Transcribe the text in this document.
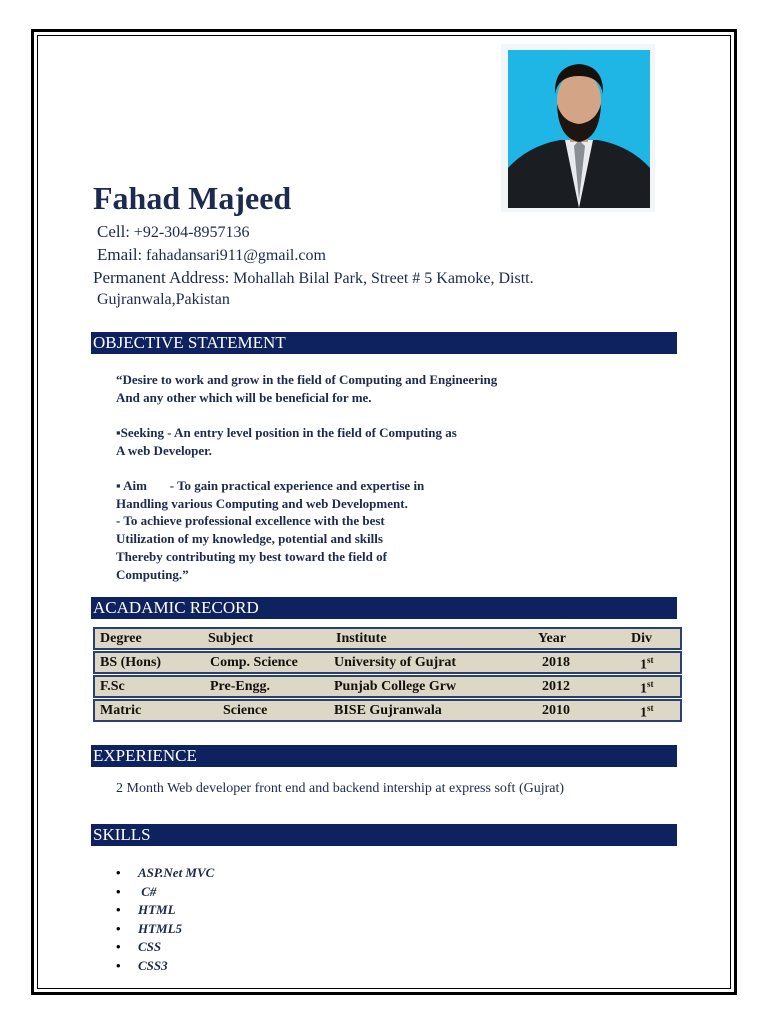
Fahad Majeed
Cell: +92-304-8957136
Email: fahadansari911@gmail.com
Permanent Address: Mohallah Bilal Park, Street # 5 Kamoke, Distt.
Gujranwala,Pakistan
OBJECTIVE STATEMENT
“Desire to work and grow in the field of Computing and Engineering
And any other which will be beneficial for me.
▪Seeking - An entry level position in the field of Computing as
A web Developer.
▪ Aim       - To gain practical experience and expertise in
Handling various Computing and web Development.
- To achieve professional excellence with the best
Utilization of my knowledge, potential and skills
Thereby contributing my best toward the field of
Computing.”
ACADAMIC RECORD
Degree	Subject	Institute	Year	Div
BS (Hons)	Comp. Science	University of Gujrat	2018	1st
F.Sc	Pre-Engg.	Punjab College Grw	2012	1st
Matric	Science	BISE Gujranwala	2010	1st
EXPERIENCE
2 Month Web developer front end and backend intership at express soft (Gujrat)
SKILLS
• ASP.Net MVC
• C#
• HTML
• HTML5
• CSS
• CSS3
